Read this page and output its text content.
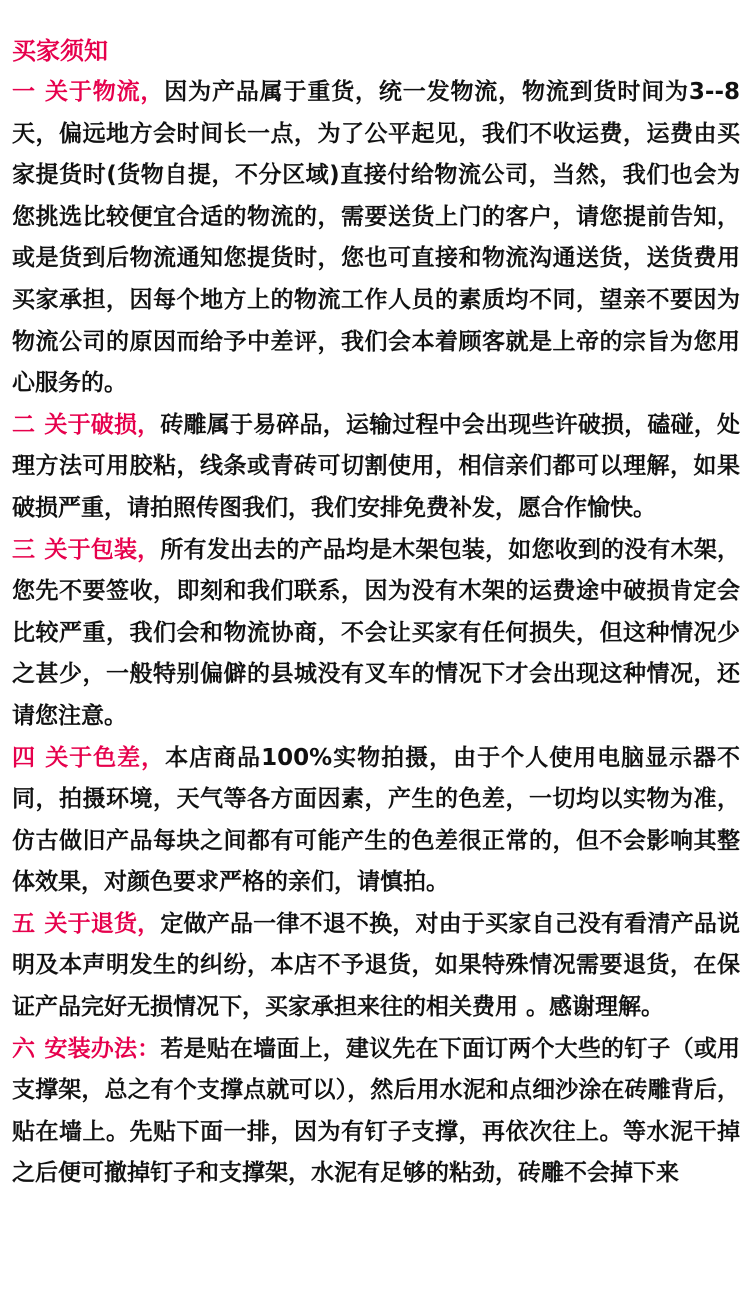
买家须知

一 关于物流，因为产品属于重货，统一发物流，物流到货时间为3--8天，偏远地方会时间长一点，为了公平起见，我们不收运费，运费由买家提货时(货物自提，不分区域)直接付给物流公司，当然，我们也会为您挑选比较便宜合适的物流的，需要送货上门的客户，请您提前告知，或是货到后物流通知您提货时，您也可直接和物流沟通送货，送货费用买家承担，因每个地方上的物流工作人员的素质均不同，望亲不要因为物流公司的原因而给予中差评，我们会本着顾客就是上帝的宗旨为您用心服务的。

二 关于破损，砖雕属于易碎品，运输过程中会出现些许破损，磕碰，处理方法可用胶粘，线条或青砖可切割使用，相信亲们都可以理解，如果破损严重，请拍照传图我们，我们安排免费补发，愿合作愉快。

三 关于包装，所有发出去的产品均是木架包装，如您收到的没有木架，您先不要签收，即刻和我们联系，因为没有木架的运费途中破损肯定会比较严重，我们会和物流协商，不会让买家有任何损失，但这种情况少之甚少，一般特别偏僻的县城没有叉车的情况下才会出现这种情况，还请您注意。

四 关于色差，本店商品100%实物拍摄，由于个人使用电脑显示器不同，拍摄环境，天气等各方面因素，产生的色差，一切均以实物为准，仿古做旧产品每块之间都有可能产生的色差很正常的，但不会影响其整体效果，对颜色要求严格的亲们，请慎拍。

五 关于退货，定做产品一律不退不换，对由于买家自己没有看清产品说明及本声明发生的纠纷，本店不予退货，如果特殊情况需要退货，在保证产品完好无损情况下，买家承担来往的相关费用 。感谢理解。

六 安装办法：若是贴在墙面上，建议先在下面订两个大些的钉子（或用支撑架，总之有个支撑点就可以），然后用水泥和点细沙涂在砖雕背后，贴在墙上。先贴下面一排，因为有钉子支撑，再依次往上。等水泥干掉之后便可撤掉钉子和支撑架，水泥有足够的粘劲，砖雕不会掉下来
